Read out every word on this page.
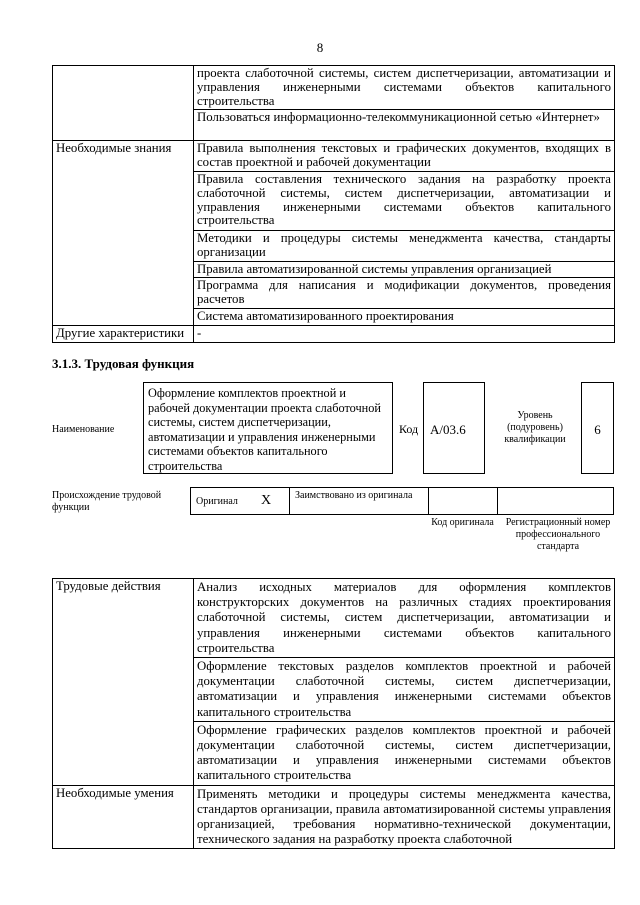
8
	проекта слаботочной системы, систем диспетчеризации, автоматизации и управления инженерными системами объектов капитального строительства
	Пользоваться информационно-телекоммуникационной сетью «Интернет»
Необходимые знания	Правила выполнения текстовых и графических документов, входящих в состав проектной и рабочей документации
	Правила составления технического задания на разработку проекта слаботочной системы, систем диспетчеризации, автоматизации и управления инженерными системами объектов капитального строительства
	Методики и процедуры системы менеджмента качества, стандарты организации
	Правила автоматизированной системы управления организацией
	Программа для написания и модификации документов, проведения расчетов
	Система автоматизированного проектирования
Другие характеристики	-
3.1.3. Трудовая функция
Наименование
Оформление комплектов проектной и рабочей документации проекта слаботочной системы, систем диспетчеризации, автоматизации и управления инженерными системами объектов капитального строительства
Код A/03.6
Уровень (подуровень) квалификации
6
Происхождение трудовой функции
Оригинал X Заимствовано из оригинала
Код оригинала	Регистрационный номер профессионального стандарта
Трудовые действия	Анализ исходных материалов для оформления комплектов конструкторских документов на различных стадиях проектирования слаботочной системы, систем диспетчеризации, автоматизации и управления инженерными системами объектов капитального строительства
	Оформление текстовых разделов комплектов проектной и рабочей документации слаботочной системы, систем диспетчеризации, автоматизации и управления инженерными системами объектов капитального строительства
	Оформление графических разделов комплектов проектной и рабочей документации слаботочной системы, систем диспетчеризации, автоматизации и управления инженерными системами объектов капитального строительства
Необходимые умения	Применять методики и процедуры системы менеджмента качества, стандартов организации, правила автоматизированной системы управления организацией, требования нормативно-технической документации, технического задания на разработку проекта слаботочной
